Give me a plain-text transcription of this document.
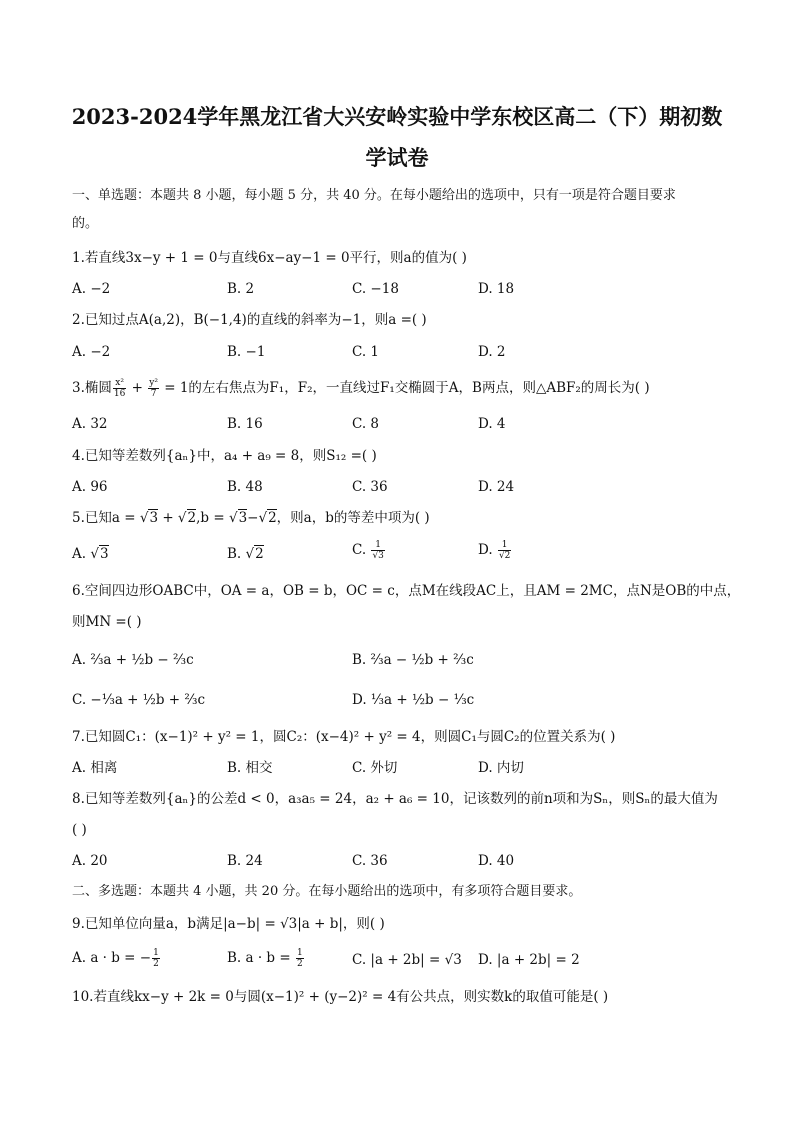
2023-2024学年黑龙江省大兴安岭实验中学东校区高二（下）期初数
学试卷
一、单选题：本题共 8 小题，每小题 5 分，共 40 分。在每小题给出的选项中，只有一项是符合题目要求
的。
1.若直线3x−y + 1 = 0与直线6x−ay−1 = 0平行，则a的值为( )
A. −2	B. 2	C. −18	D. 18
2.已知过点A(a,2)，B(−1,4)的直线的斜率为−1，则a =( )
A. −2	B. −1	C. 1	D. 2
3.椭圆 $\frac{\text{x²}}{16} + \frac{\text{y²}}{7} = 1$的左右焦点为F₁，F₂，一直线过F₁交椭圆于A，B两点，则△ABF₂的周长为( )
A. 32	B. 16	C. 8	D. 4
4.已知等差数列{aₙ}中，a₄ + a₉ = 8，则S₁₂ =( )
A. 96	B. 48	C. 36	D. 24
5.已知a = √3 + √2,b = √3−√2，则a，b的等差中项为( )
A. √3	B. √2	C. $\frac{1}{√3}$	D. $\frac{1}{√2}$
6.空间四边形OABC中，OA = a，OB = b，OC = c，点M在线段AC上，且AM = 2MC，点N是OB的中点，
则MN =( )
A. ⅔a + ½b − ⅔c	B. ⅔a − ½b + ⅔c
C. −⅓a + ½b + ⅔c	D. ⅓a + ½b − ⅓c
7.已知圆C₁：(x−1)² + y² = 1，圆C₂：(x−4)² + y² = 4，则圆C₁与圆C₂的位置关系为( )
A. 相离	B. 相交	C. 外切	D. 内切
8.已知等差数列{aₙ}的公差d < 0，a₃a₅ = 24，a₂ + a₆ = 10，记该数列的前n项和为Sₙ，则Sₙ的最大值为
( )
A. 20	B. 24	C. 36	D. 40
二、多选题：本题共 4 小题，共 20 分。在每小题给出的选项中，有多项符合题目要求。
9.已知单位向量a，b满足|a−b| = √3|a + b|，则( )
A. a · b = − $\frac{1}{2}$	B. $a \cdot b = \frac{1}{2}$	C. |a + 2b| = √3 D. |a + 2b| = 2
10.若直线kx−y + 2k = 0与圆(x−1)² + (y−2)² = 4有公共点，则实数k的取值可能是( )
